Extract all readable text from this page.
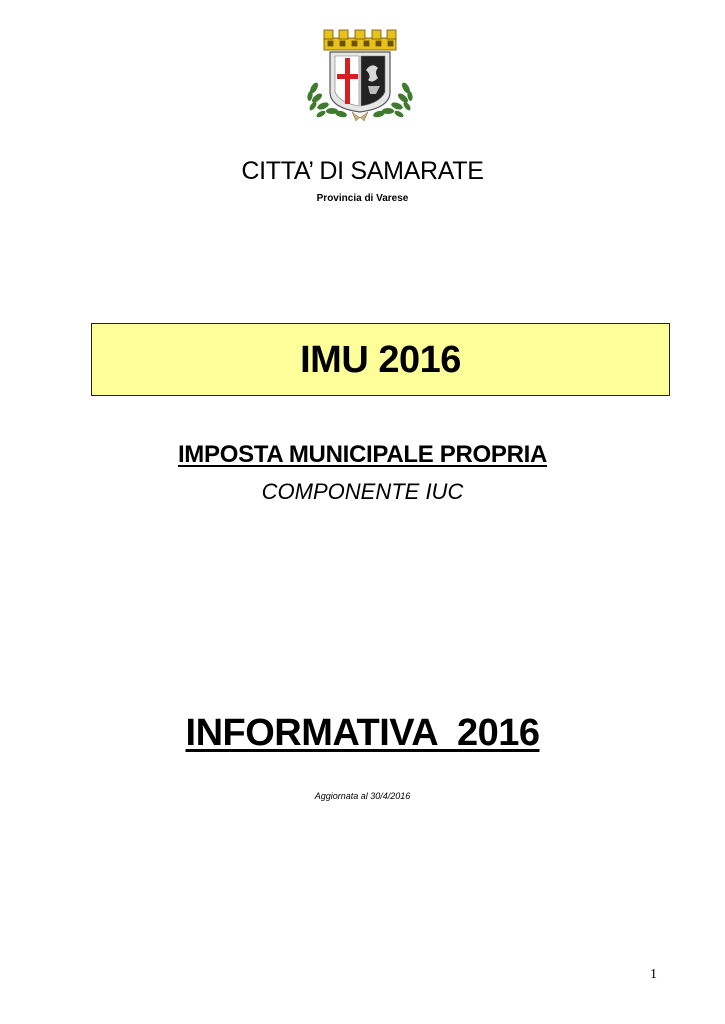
CITTA’ DI SAMARATE
Provincia di Varese
IMU 2016
IMPOSTA MUNICIPALE PROPRIA
COMPONENTE IUC
INFORMATIVA  2016
Aggiornata al 30/4/2016
1
